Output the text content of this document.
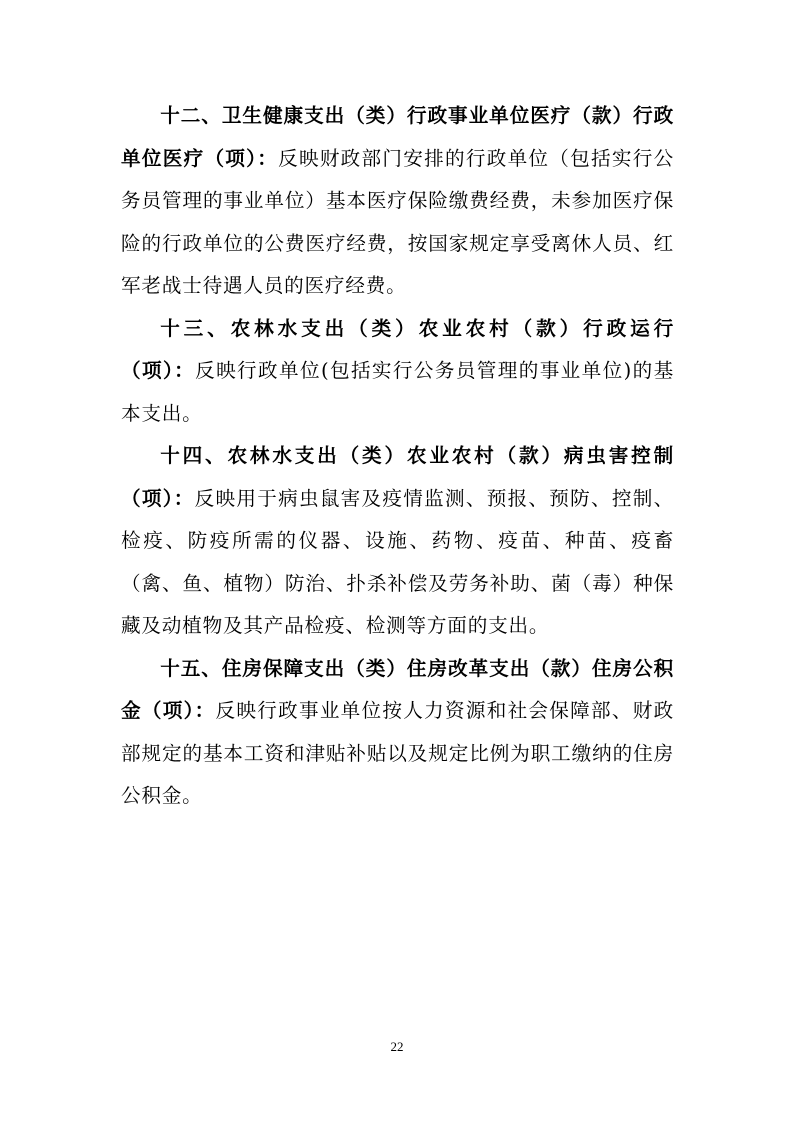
十二、卫生健康支出（类）行政事业单位医疗（款）行政单位医疗（项）：反映财政部门安排的行政单位（包括实行公务员管理的事业单位）基本医疗保险缴费经费，未参加医疗保险的行政单位的公费医疗经费，按国家规定享受离休人员、红军老战士待遇人员的医疗经费。

十三、农林水支出（类）农业农村（款）行政运行（项）：反映行政单位(包括实行公务员管理的事业单位)的基本支出。

十四、农林水支出（类）农业农村（款）病虫害控制（项）：反映用于病虫鼠害及疫情监测、预报、预防、控制、检疫、防疫所需的仪器、设施、药物、疫苗、种苗、疫畜（禽、鱼、植物）防治、扑杀补偿及劳务补助、菌（毒）种保藏及动植物及其产品检疫、检测等方面的支出。

十五、住房保障支出（类）住房改革支出（款）住房公积金（项）：反映行政事业单位按人力资源和社会保障部、财政部规定的基本工资和津贴补贴以及规定比例为职工缴纳的住房公积金。

22
